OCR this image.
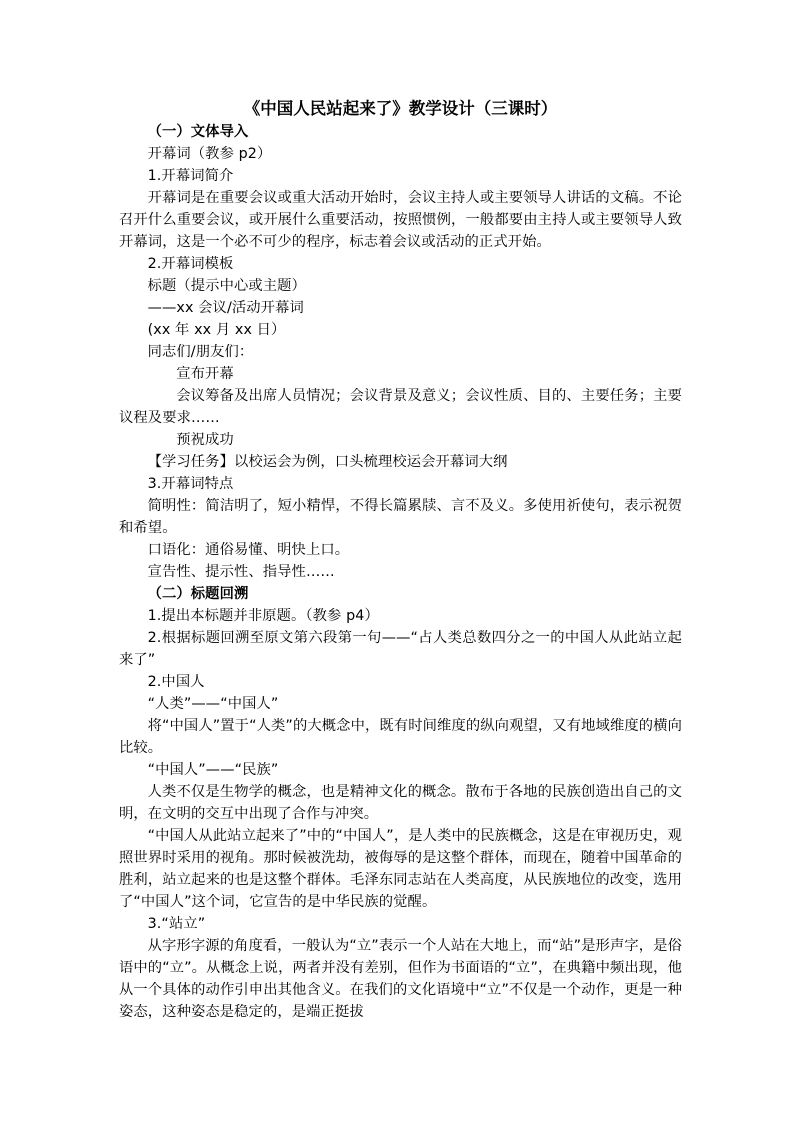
《中国人民站起来了》教学设计（三课时）

（一）文体导入

开幕词（教参 p2）

1.开幕词简介

开幕词是在重要会议或重大活动开始时，会议主持人或主要领导人讲话的文稿。不论召开什么重要会议，或开展什么重要活动，按照惯例，一般都要由主持人或主要领导人致开幕词，这是一个必不可少的程序，标志着会议或活动的正式开始。

2.开幕词模板

标题（提示中心或主题）

——xx 会议/活动开幕词

(xx 年 xx 月 xx 日）

同志们/朋友们：

宣布开幕

会议筹备及出席人员情况；会议背景及意义；会议性质、目的、主要任务；主要议程及要求……

预祝成功

【学习任务】以校运会为例，口头梳理校运会开幕词大纲

3.开幕词特点

简明性：简洁明了，短小精悍，不得长篇累牍、言不及义。多使用祈使句，表示祝贺和希望。

口语化：通俗易懂、明快上口。

宣告性、提示性、指导性……

（二）标题回溯

1.提出本标题并非原题。（教参 p4）

2.根据标题回溯至原文第六段第一句——“占人类总数四分之一的中国人从此站立起来了”

2.中国人

“人类”——“中国人”

将“中国人”置于“人类”的大概念中，既有时间维度的纵向观望，又有地域维度的横向比较。

“中国人”——“民族”

人类不仅是生物学的概念，也是精神文化的概念。散布于各地的民族创造出自己的文明，在文明的交互中出现了合作与冲突。

“中国人从此站立起来了”中的“中国人”，是人类中的民族概念，这是在审视历史，观照世界时采用的视角。那时候被洗劫，被侮辱的是这整个群体，而现在，随着中国革命的胜利，站立起来的也是这整个群体。毛泽东同志站在人类高度，从民族地位的改变，选用了“中国人”这个词，它宣告的是中华民族的觉醒。

3.“站立”

从字形字源的角度看，一般认为“立”表示一个人站在大地上，而“站”是形声字，是俗语中的“立”。从概念上说，两者并没有差别，但作为书面语的“立”，在典籍中频出现，他从一个具体的动作引申出其他含义。在我们的文化语境中“立”不仅是一个动作，更是一种姿态，这种姿态是稳定的，是端正挺拔
